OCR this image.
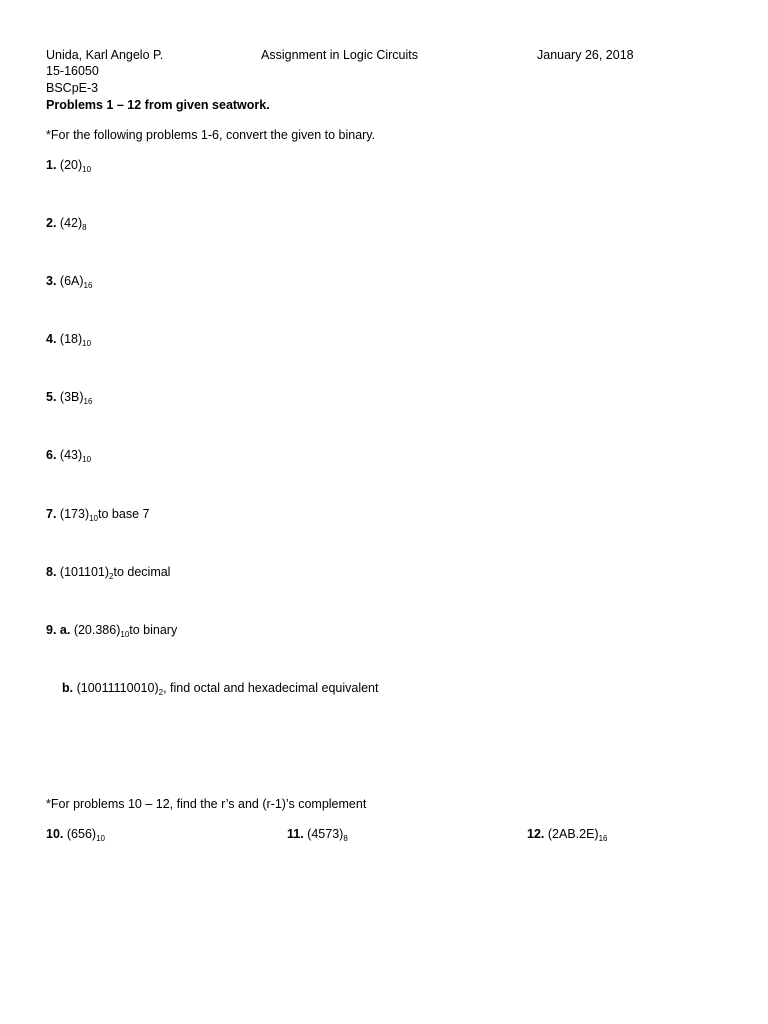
Unida, Karl Angelo P.	Assignment in Logic Circuits	January 26, 2018
15-16050
BSCpE-3
Problems 1 – 12 from given seatwork.
*For the following problems 1-6, convert the given to binary.
1. $(20)_{10}$
2. $(42)_8$
3. $(6A)_{16}$
4. $(18)_{10}$
5. $(3B)_{16}$
6. $(43)_{10}$
7. $(173)_{10}to$ base 7
8. $(101101)_2to$ decimal
9. a. $(20.386)_{10}to$ binary
b. $(10011110010)_2$, find octal and hexadecimal equivalent
*For problems 10 – 12, find the r’s and (r-1)’s complement
10. $(656)_{10}$	11. $(4573)_8$	12. $(2AB.2E)_{16}$
